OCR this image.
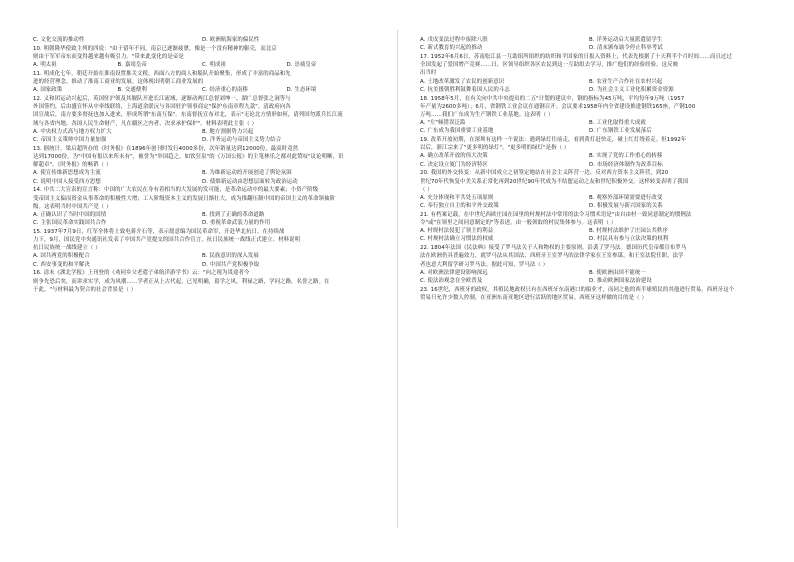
C. 文化交流的推动性	D. 欧洲航海家的偏民性
10. 明朝隆华使致主列的四说："由于留年不同，南京已逐渐疲惫，像是一个没有精神的躯壳，而北京
则由于军军帝东而变得越来越有吸引力。"带来此变化的是帝是
A. 明太祖	B. 嘉靖皇帝	C. 明成祖	D. 崇祯皇帝
11. 明成化七年，朝廷开始在淮南设置推关文税，西面八方的商人和船队开始聚集，形成了丰富的商品和先
进的经营理念，推动了淮南工商业的发展。这体现出明朝工商业发展的
A. 国家政策	B. 交通便利	C. 经济重心的南移	D. 生态环境
12. 义和团运动兴起后，英国驻沪领及其舰队开进长江流域，逐渐动两江总督刘坤一、湖广总督张之洞等与
外国签约，后由盛宣怀从中牵线联络，上海道余联沅与各国驻沪领事商定"保护东南章程九款"。清政府向各
国宣战后，南方要多督抚也加入进来，形成所谓"东南互保"。东南督抚宣布对北，表示"无论北方情形如何，请列国勿派兵长江流
域与各省内地，各国人民生命财产，凡在疆区之内者，决求承护保护"。材料表明此主张（ ）
A. 中央权力式高与地方权力扩大	B. 地方割据势力兴起
C. 帝国主义策帅中国力量加强	D. 洋务运动与帝国主义势力结合
13. 据统计，梁启超所办的《时务报》在1896年创刊时发行4000多份，次年销量达到12000份，最高时竟然
达到17000份，为"中国有报以来所未有"，被誉为"举国趋之，如饮狂泉"的《万国公报》的主笔林乐之都对此赞叹"议论明晰，识
解超卓"。《时务报》的畅销（ ）
A. 使宣传维新思想成为主流	B. 为维新运动的开展创造了舆论氛围
C. 说明中国人接受西方思想	D. 使维新运动由思想层面转为政治运动
14. 中共二大宣表的宣言称：中国的广大农民在身有着相当的大发展的发可能，是革命运动中的最大要素；小资产阶级
受帝国主义偏而资金从事革命的积极性大增；工人阶级资本主义的发展日渐壮大，成为推翻压制中国的帝国主义的革命领袖阶
级。这表明当时中国共产党（ ）
A. 正确认识了当时中国的国情	B. 找到了正确的革命道路
C. 主张国民革命实践国共合作	D. 重视革命武装力量的作用
15. 1937年7月9日，红军全体将士致电蒋介石等，表示愿意编为国民革命军，开赴华北抗日。在持续战
力下，9月，国民党中央通讯社发表了中国共产党提交的国共合作宣言，抗日民族统一战线正式建立。材料说明
抗日民族统一战线建立（ ）
A. 国共两党的积极配合	B. 民族意识的深入发展
C. 西安事变的和平解决	D. 中国共产党积极争取
16. 清末《湖北学报》上刊登的《劝同乡父老遣子弟航洋游学书》云："向之视为畏途者今
则争先恐后矣，而讲求实学，成为风潮……学者正从上古代起，已见明确，留学之风，利禄之路，学问之路，名誉之路。在
于此，"与材料最为契合的社会背景是（ ）
A. 戊戌变法过程中废除八股	B. 洋务运动启大量派遣留学生
C. 新式教育的兴起的推动	D. 清末颁布谕令停止科举考试
17. 1952年6月6日，苏南松江县一互助组所组织的纺织和平国家的日报入资料上，代表先根据了十天利半个月时间……而且过过
全国发起了爱国增产竞赛……日，区领导组织各区农民到这一互助组去学习，推广他们的经验经验。这反映
出当时
A. 土地改革激发了农民的创新意识	B. 农业生产合作社在农村兴起
C. 抗美援朝胜利鼓舞着国人民的斗志	D. 为社会主义工业化积累资金资源
18. 1958年5月，在有关向中共中央提出的二五"计划的建议中，钢的指标为45万吨，平均每年9万吨（1957
年产量为2600多吨）；6月，省钢铁工业会议在通钢召开。会议要求1958年内全省建设推进钢铁165座，产钢100
万吨……我们广东成为生产钢铁工业基地。这表明（ ）
A. "左"倾错误泛滥	B. 工业化取得重大成就
C. 广东成为我国重要工业基地	D. 广东钢铁工业发展落后
19. 改革开放初期，在深圳有这样一个说法：遇到绿灯往前走，看到黄灯赶快走，碰上红灯绕着走。但1992年
以后，浙江宗来了"更多明的绿灯"。"更多明的绿灯"是指（ ）
A. 确立改革开放的伟大决策	B. 实现了党的工作重心的转移
C. 决定设立厦门为经济特区	D. 市场经济体制作为改革目标
20. 我国的外交转变：从新中国成立之初签定地站在社会主义阵营一边、反对西方资本主义阵营，到20
世纪70年代恢复中美关系正常化再到20世纪90年代成为不结盟运动之友和世纪积极外交。这样转变表明了我国
（ ）
A. 充分体现和平共处五项原则	B. 观察外部环境需要进行改变
C. 奉行独立自主的和平外交政策	D. 积极发展与新兴国家的关系
21. 有档案记载，在中世纪西欧庄园在园里的村规村法中常用的法令习惯术语是"由自由村一致同意制定的惯例法
令"或"在领里之间同意制定的"等表述，由一般领取的村民集体参与。这表明（ ）
A. 村规村法侵犯了领主的利益	B. 村规村法维护了庄园公共秩序
C. 村规村法确立习惯法的权威	D. 村民具有参与立法决策的权利
22. 1804年法国《民法典》接受了罗马法关于人和物权的主要原则，沿袭了罗马法。德国历代皇帝都宣布罗马
法在欧洲仍具普遍效力，就罗马法从其国法，西班牙王室罗马的法律学家在王室参谋，和王室法院任职，法学
者也意大利留学研习罗马法。据此可知，罗马法（ ）
A. 对欧洲法律建设影响深远	B. 使欧洲由国不能统一
C. 使法治观念在全欧普及	D. 推动欧洲国家法治建设
23. 16世纪，西班牙的政权，其殖民地政权只有在西班牙东南港口的船业才，而同之他的西半球殖民的其他进行贸易。西班牙这个
贸易只允许少数人控制，在亚洲东南亚地区进行活跃的地区贸易。西班牙这样做的目的是（ ）
